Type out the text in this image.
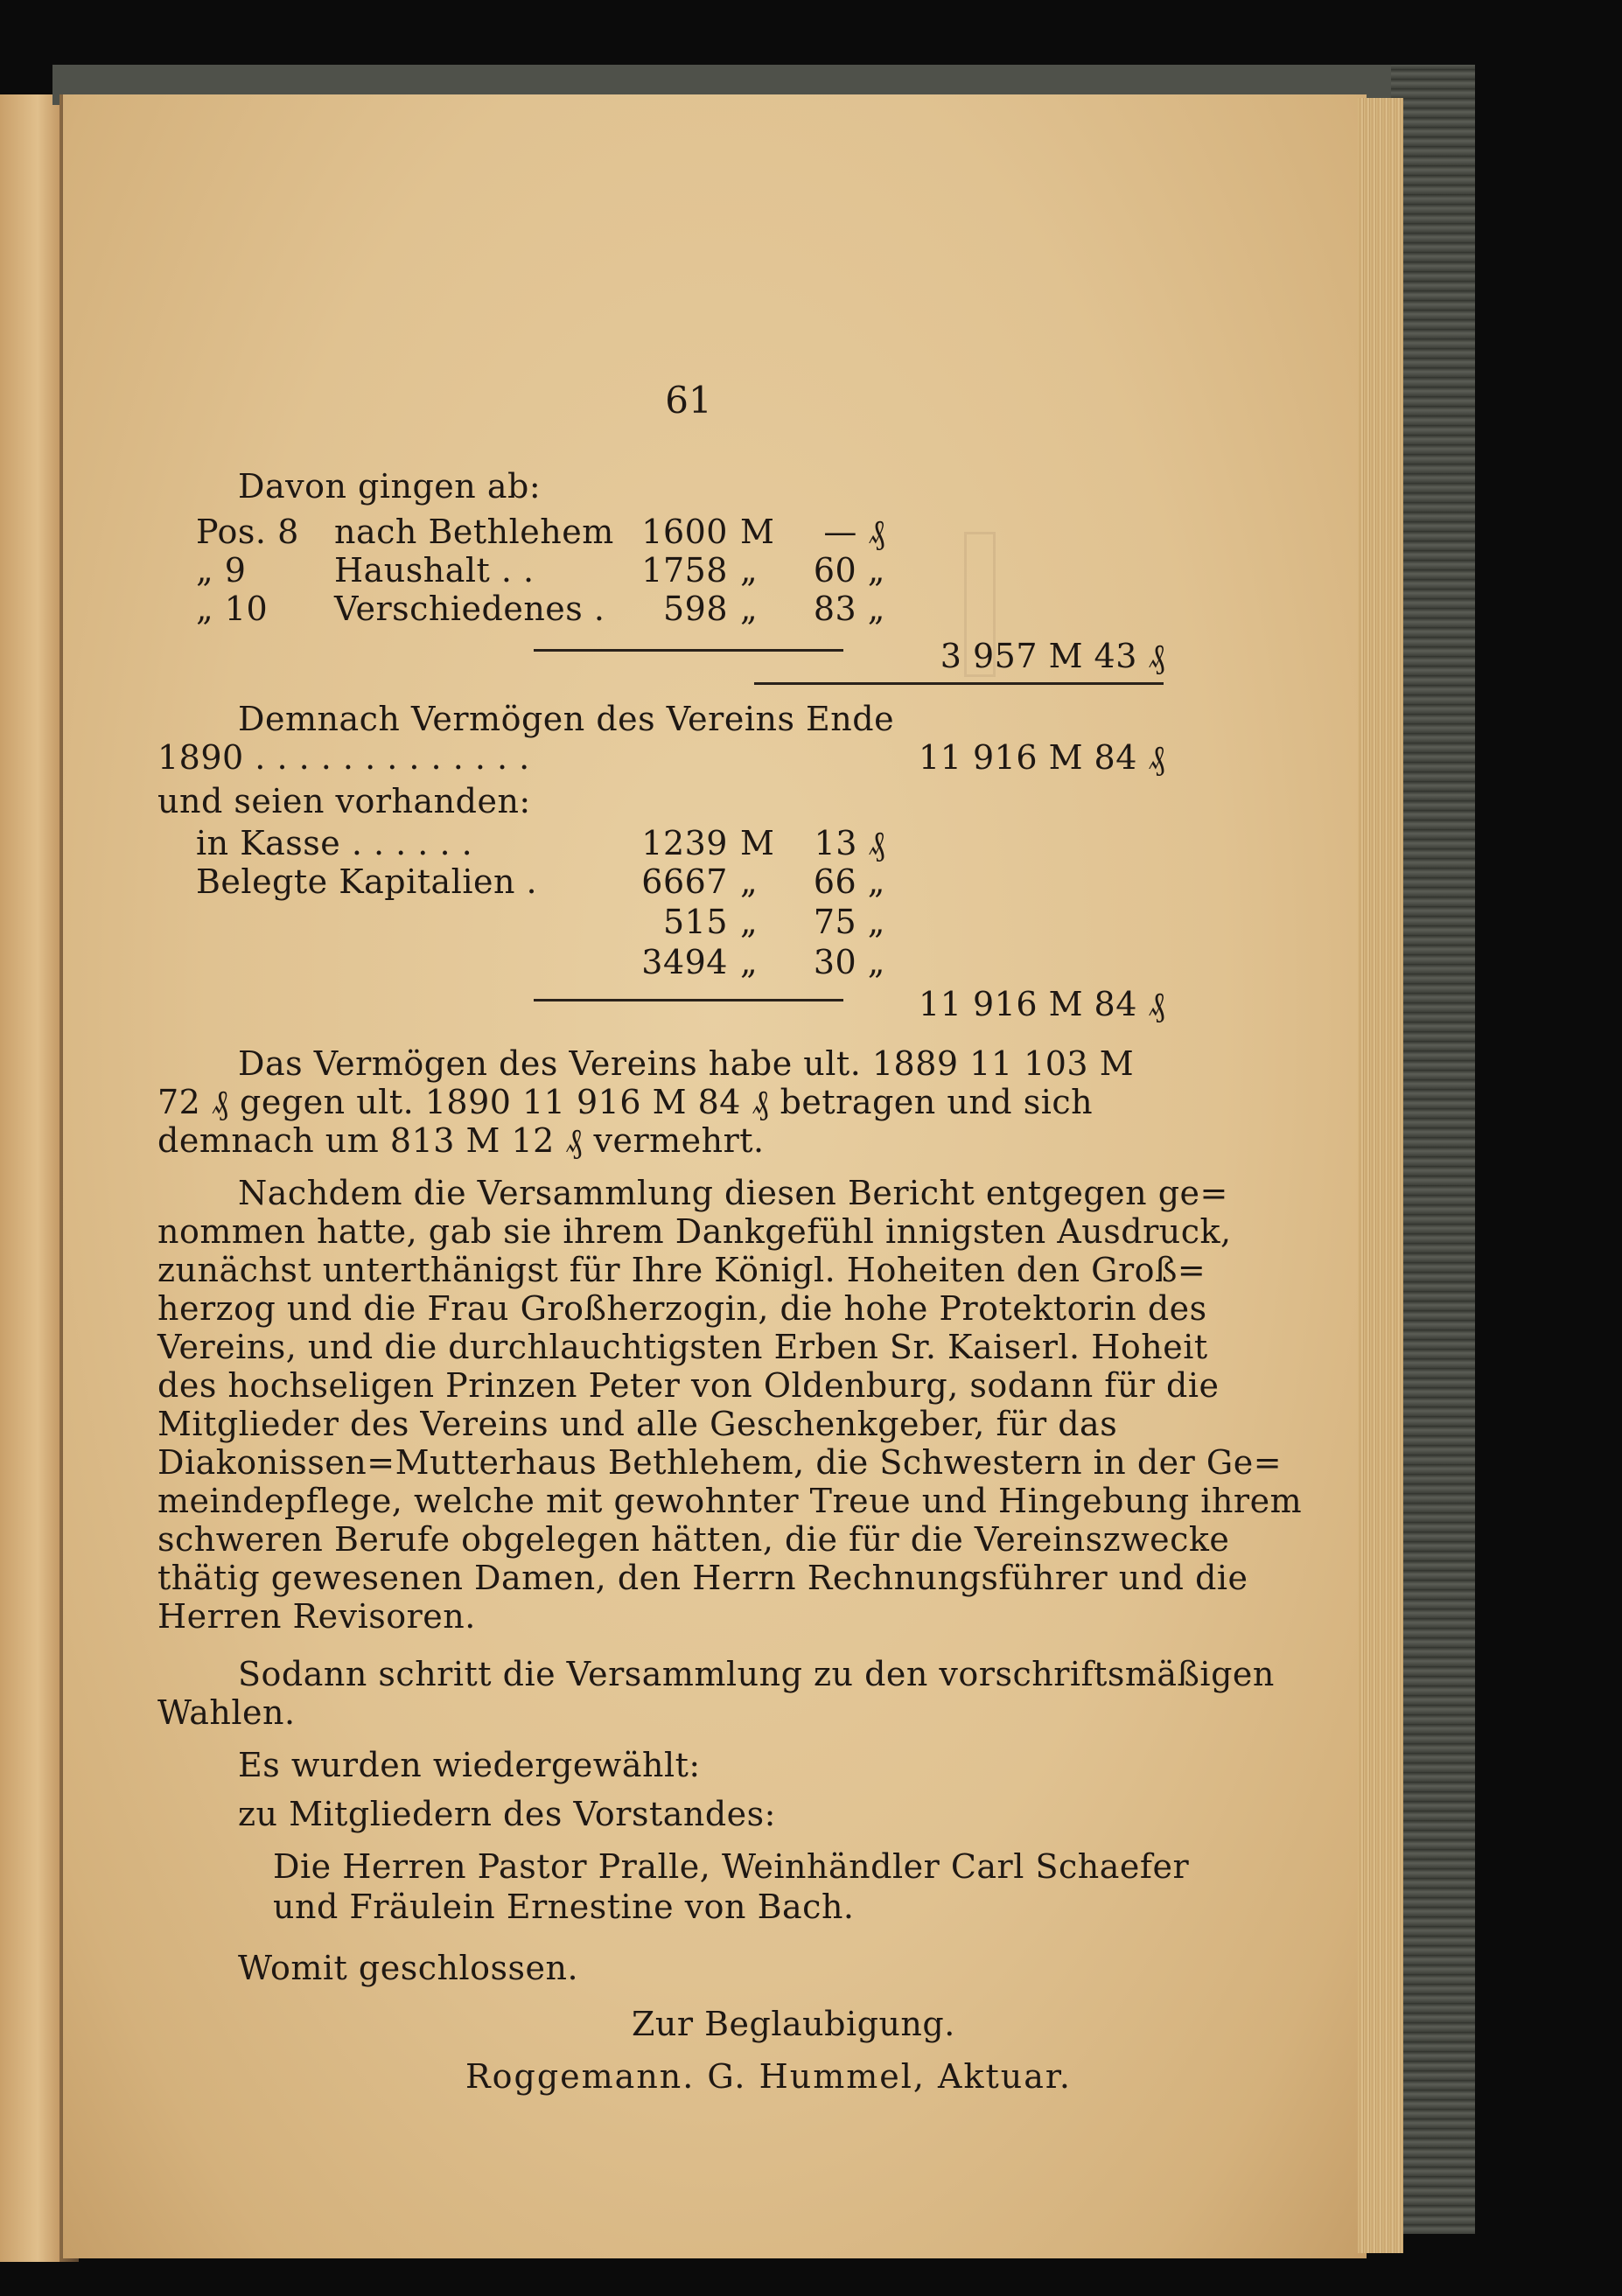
61
Davon gingen ab:
Pos. 8 nach Bethlehem 1600 M	— ₰
„ 9	Haushalt . .	1758 „	60 „
„ 10 Verschiedenes .	598 „	83 „
3 957 M 43 ₰
Demnach Vermögen des Vereins Ende
1890 . . . . . . . . . . . . .	11 916 M 84 ₰
und seien vorhanden:
in Kasse . . . . . .	1239 M	13 ₰
Belegte Kapitalien .	6667 „	66 „
515 „	75 „
3494 „	30 „
11 916 M 84 ₰
Das Vermögen des Vereins habe ult. 1889 11 103 M
72 ₰ gegen ult. 1890 11 916 M 84 ₰ betragen und sich
demnach um 813 M 12 ₰ vermehrt.
Nachdem die Versammlung diesen Bericht entgegen ge=
nommen hatte, gab sie ihrem Dankgefühl innigsten Ausdruck,
zunächst unterthänigst für Ihre Königl. Hoheiten den Groß=
herzog und die Frau Großherzogin, die hohe Protektorin des
Vereins, und die durchlauchtigsten Erben Sr. Kaiserl. Hoheit
des hochseligen Prinzen Peter von Oldenburg, sodann für die
Mitglieder des Vereins und alle Geschenkgeber, für das
Diakonissen=Mutterhaus Bethlehem, die Schwestern in der Ge=
meindepflege, welche mit gewohnter Treue und Hingebung ihrem
schweren Berufe obgelegen hätten, die für die Vereinszwecke
thätig gewesenen Damen, den Herrn Rechnungsführer und die
Herren Revisoren.
Sodann schritt die Versammlung zu den vorschriftsmäßigen
Wahlen.
Es wurden wiedergewählt:
zu Mitgliedern des Vorstandes:
Die Herren Pastor Pralle, Weinhändler Carl Schaefer
und Fräulein Ernestine von Bach.
Womit geschlossen.
Zur Beglaubigung.
Roggemann. G. Hummel, Aktuar.
